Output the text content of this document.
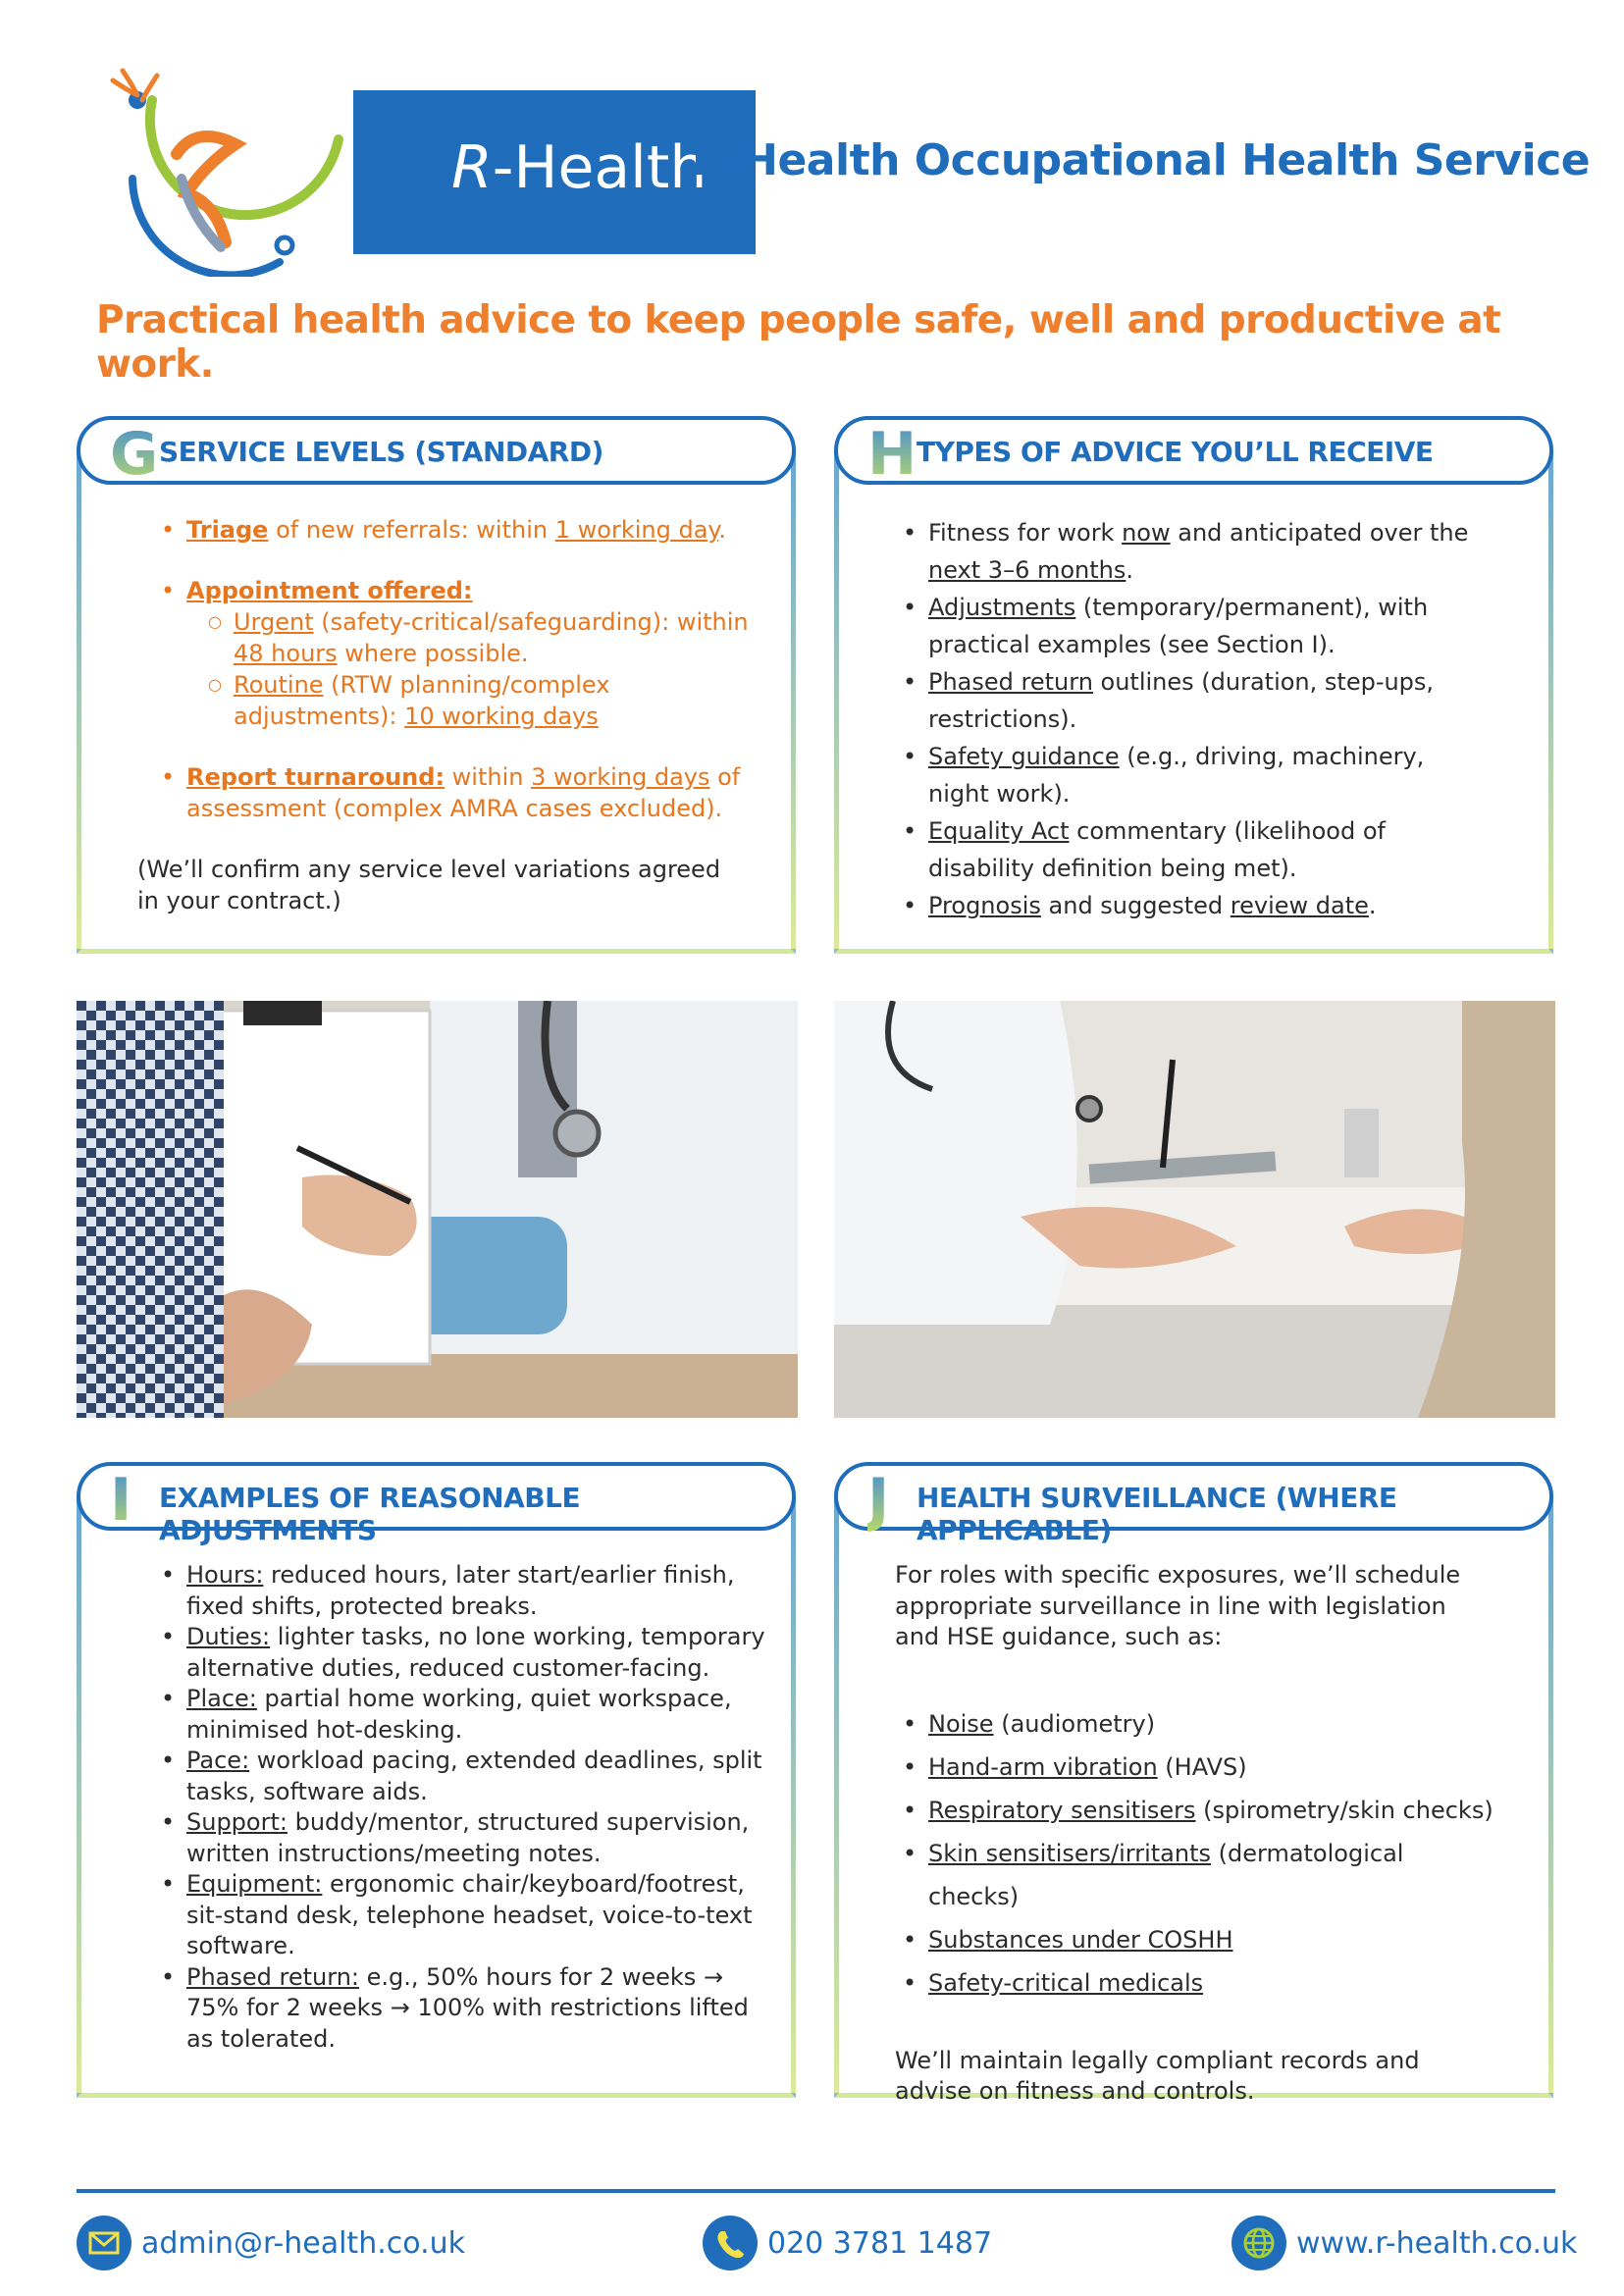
R-Health
R-Health Occupational Health Service
Practical health advice to keep people safe, well and productive at work.
G SERVICE LEVELS (STANDARD)
• Triage of new referrals: within 1 working day.
• Appointment offered:
○ Urgent (safety-critical/safeguarding): within
48 hours where possible.
○ Routine (RTW planning/complex adjustments): 10 working days
• Report turnaround: within 3 working days of assessment (complex AMRA cases excluded).

(We’ll confirm any service level variations agreed in your contract.)

H TYPES OF ADVICE YOU’LL RECEIVE
• Fitness for work now and anticipated over the next 3–6 months.
• Adjustments (temporary/permanent), with practical examples (see Section I).
• Phased return outlines (duration, step-ups, restrictions).
• Safety guidance (e.g., driving, machinery, night work).
• Equality Act commentary (likelihood of disability definition being met).
• Prognosis and suggested review date.
I EXAMPLES OF REASONABLE ADJUSTMENTS
• Hours: reduced hours, later start/earlier finish, fixed shifts, protected breaks.
• Duties: lighter tasks, no lone working, temporary alternative duties, reduced customer-facing.
• Place: partial home working, quiet workspace, minimised hot-desking.
• Pace: workload pacing, extended deadlines, split tasks, software aids.
• Support: buddy/mentor, structured supervision, written instructions/meeting notes.
• Equipment: ergonomic chair/keyboard/footrest, sit-stand desk, telephone headset, voice-to-text software.
• Phased return: e.g., 50% hours for 2 weeks → 75% for 2 weeks → 100% with restrictions lifted as tolerated.
J HEALTH SURVEILLANCE (WHERE APPLICABLE)

For roles with specific exposures, we’ll schedule appropriate surveillance in line with legislation and HSE guidance, such as:

• Noise (audiometry)
• Hand-arm vibration (HAVS)
• Respiratory sensitisers (spirometry/skin checks)
• Skin sensitisers/irritants (dermatological checks)
• Substances under COSHH
• Safety-critical medicals

We’ll maintain legally compliant records and advise on fitness and controls.

admin@r-health.co.uk	020 3781 1487	www.r-health.co.uk
